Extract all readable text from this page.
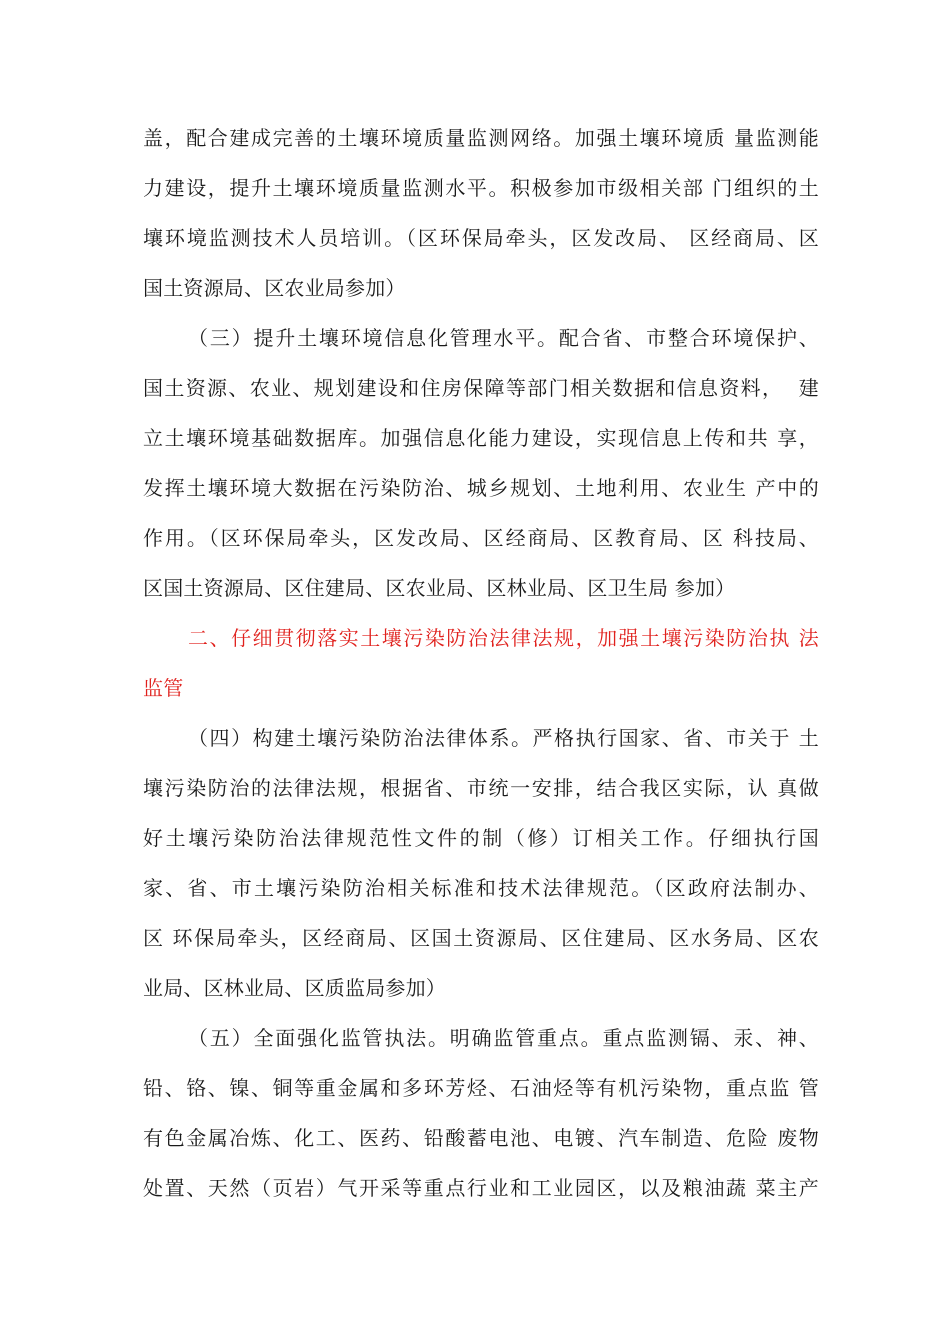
盖，配合建成完善的土壤环境质量监测网络。加强土壤环境质 量监测能
力建设，提升土壤环境质量监测水平。积极参加市级相关部 门组织的土
壤环境监测技术人员培训。（区环保局牵头，区发改局、 区经商局、区
国土资源局、区农业局参加）
（三）提升土壤环境信息化管理水平。配合省、市整合环境保护、
国土资源、农业、规划建设和住房保障等部门相关数据和信息资料，  建
立土壤环境基础数据库。加强信息化能力建设，实现信息上传和共 享，
发挥土壤环境大数据在污染防治、城乡规划、土地利用、农业生 产中的
作用。（区环保局牵头，区发改局、区经商局、区教育局、区 科技局、
区国土资源局、区住建局、区农业局、区林业局、区卫生局 参加）
二、仔细贯彻落实土壤污染防治法律法规，加强土壤污染防治执 法
监管
（四）构建土壤污染防治法律体系。严格执行国家、省、市关于 土
壤污染防治的法律法规，根据省、市统一安排，结合我区实际，认 真做
好土壤污染防治法律规范性文件的制（修）订相关工作。仔细执行国
家、省、市土壤污染防治相关标准和技术法律规范。（区政府法制办、
区 环保局牵头，区经商局、区国土资源局、区住建局、区水务局、区农
业局、区林业局、区质监局参加）
（五）全面强化监管执法。明确监管重点。重点监测镉、汞、神、
铅、铬、镍、铜等重金属和多环芳烃、石油烃等有机污染物，重点监 管
有色金属冶炼、化工、医药、铅酸蓄电池、电镀、汽车制造、危险 废物
处置、天然（页岩）气开采等重点行业和工业园区，以及粮油蔬 菜主产
